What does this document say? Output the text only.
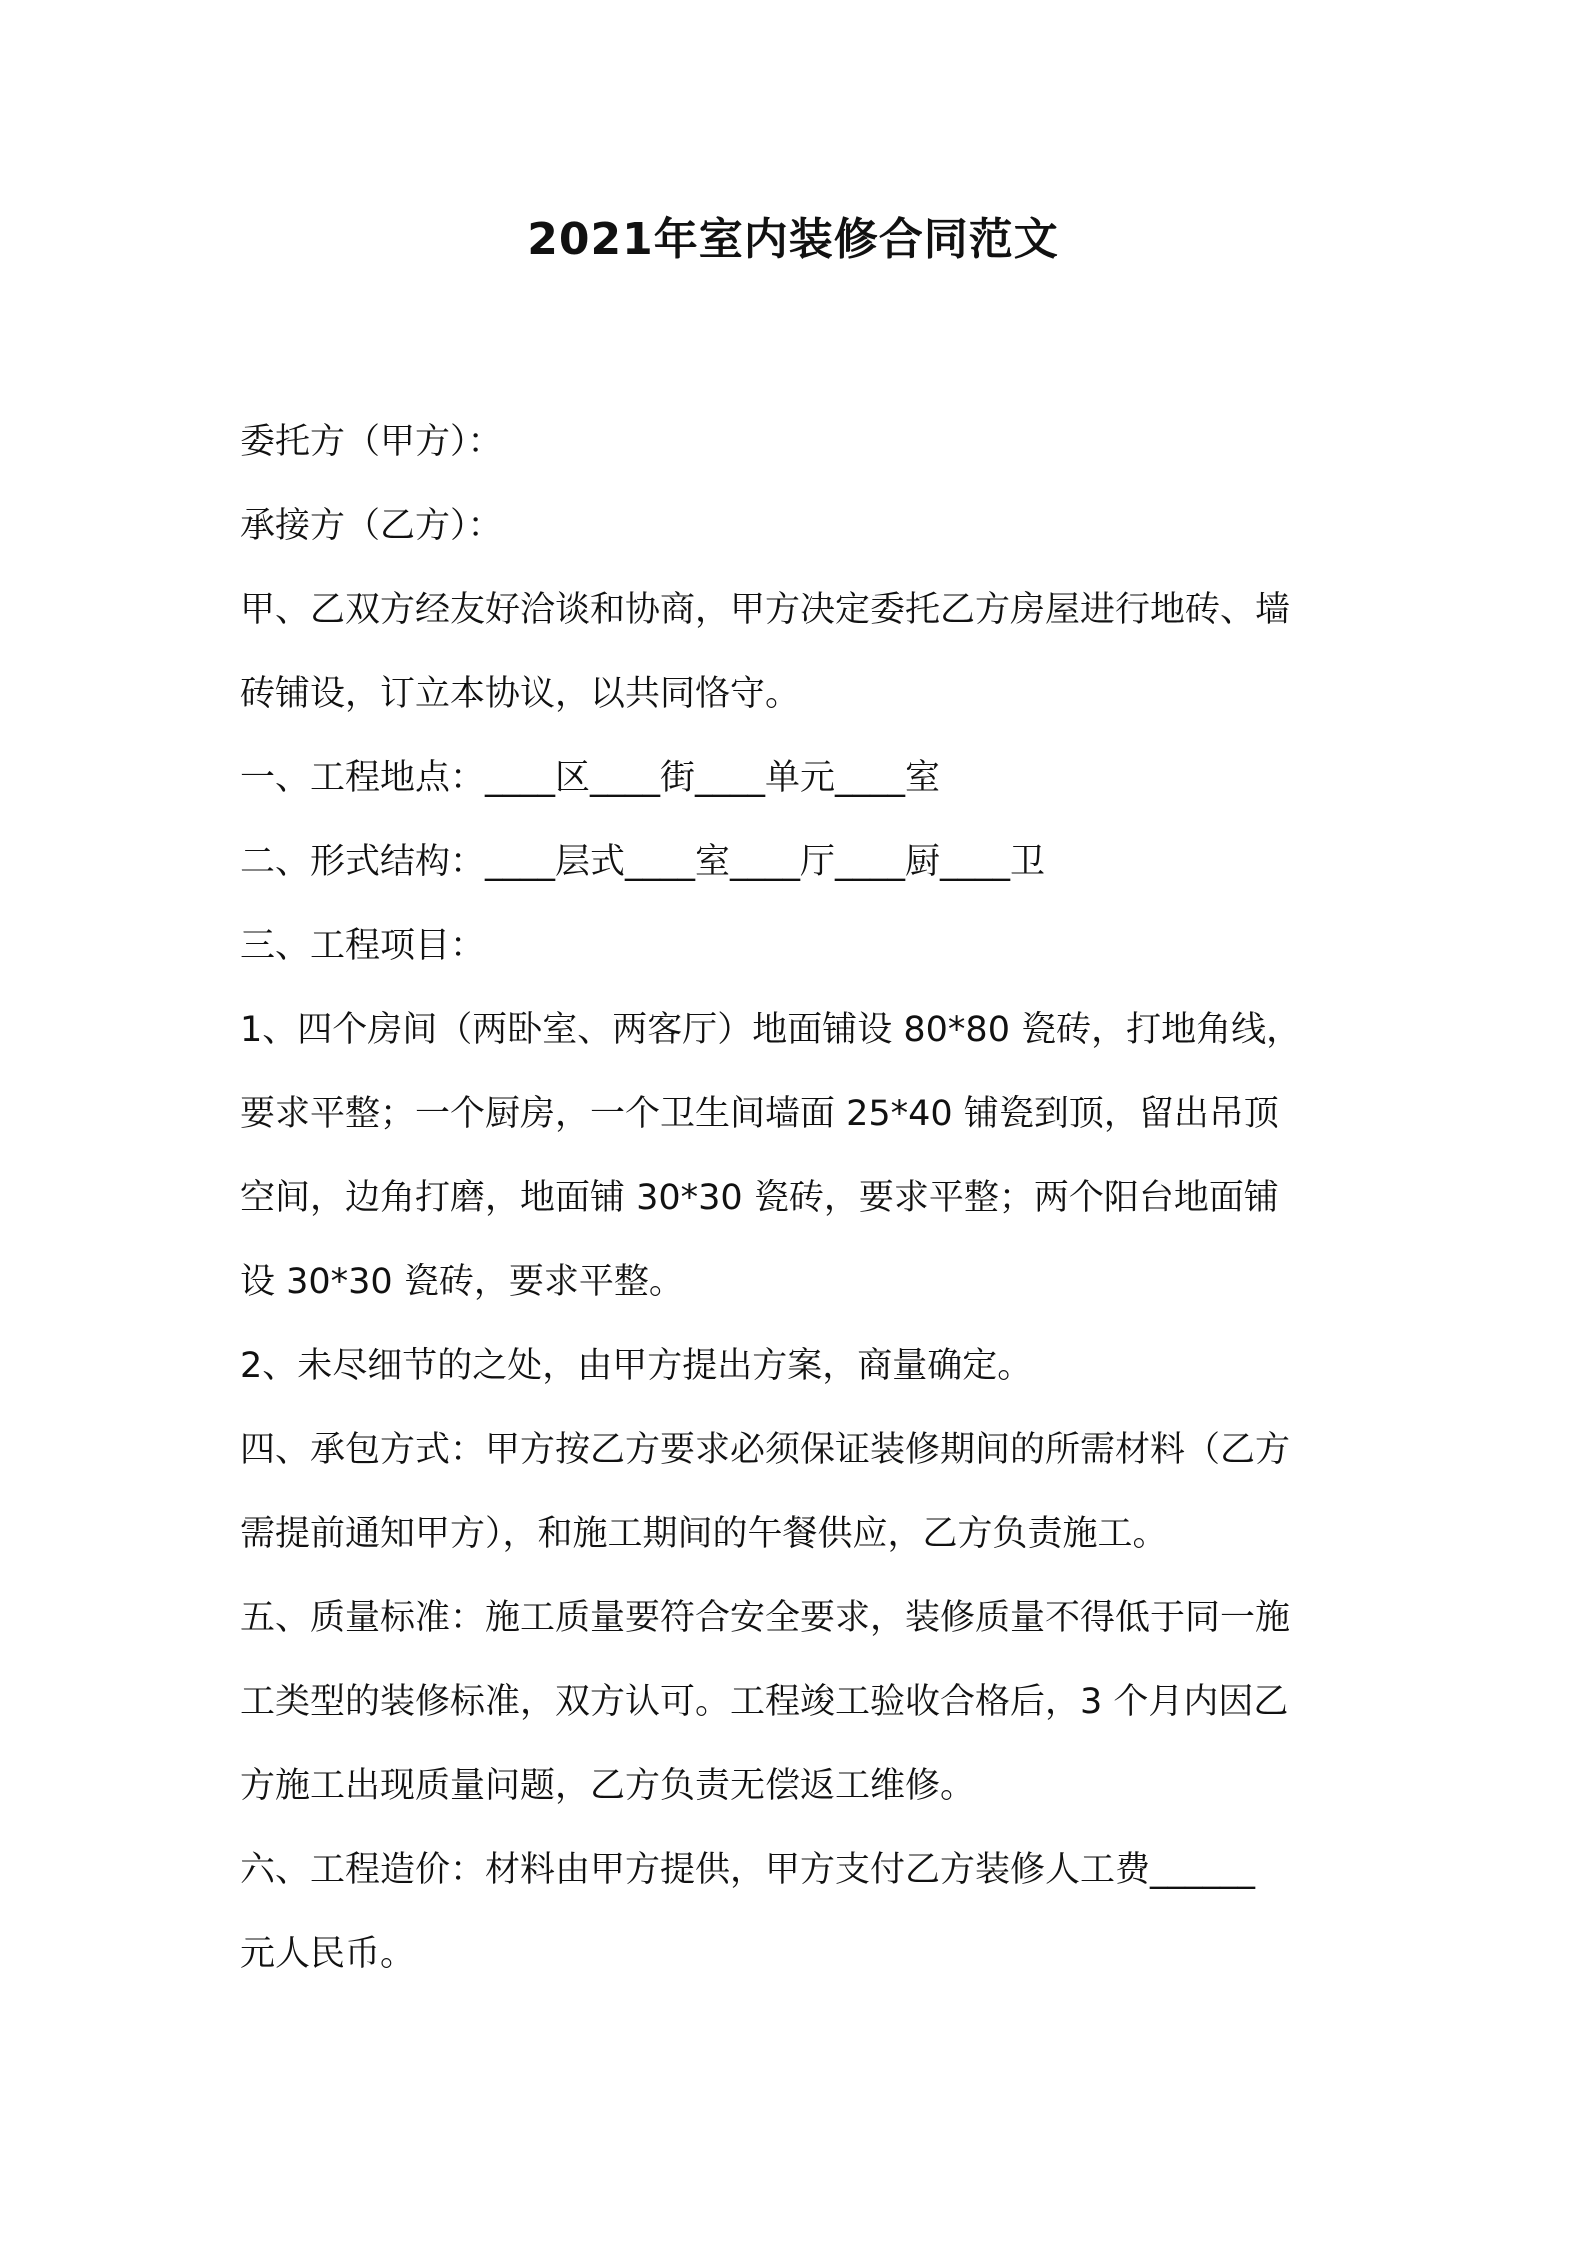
2021年室内装修合同范文

委托方（甲方）：

承接方（乙方）：

甲、乙双方经友好洽谈和协商，甲方决定委托乙方房屋进行地砖、墙

砖铺设，订立本协议，以共同恪守。

一、工程地点：____区____街____单元____室

二、形式结构：____层式____室____厅____厨____卫

三、工程项目：

1、四个房间（两卧室、两客厅）地面铺设 80*80 瓷砖，打地角线，

要求平整；一个厨房，一个卫生间墙面 25*40 铺瓷到顶，留出吊顶

空间，边角打磨，地面铺 30*30 瓷砖，要求平整；两个阳台地面铺

设 30*30 瓷砖，要求平整。

2、未尽细节的之处，由甲方提出方案，商量确定。

四、承包方式：甲方按乙方要求必须保证装修期间的所需材料（乙方

需提前通知甲方），和施工期间的午餐供应，乙方负责施工。

五、质量标准：施工质量要符合安全要求，装修质量不得低于同一施

工类型的装修标准，双方认可。工程竣工验收合格后，3 个月内因乙

方施工出现质量问题，乙方负责无偿返工维修。

六、工程造价：材料由甲方提供，甲方支付乙方装修人工费______

元人民币。
